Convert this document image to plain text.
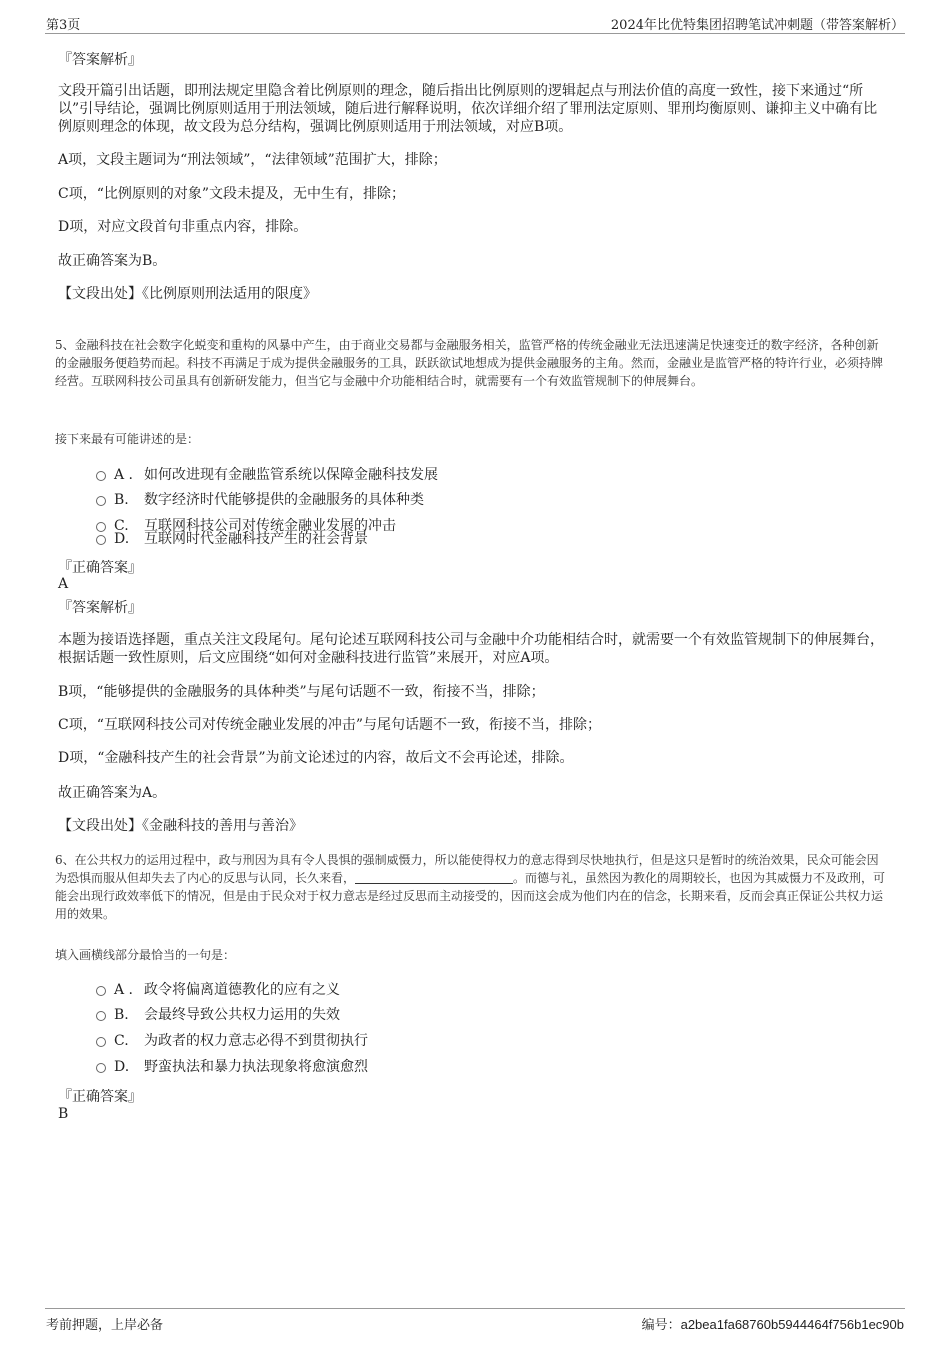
第3页	2024年比优特集团招聘笔试冲刺题（带答案解析）
『答案解析』
文段开篇引出话题，即刑法规定里隐含着比例原则的理念，随后指出比例原则的逻辑起点与刑法价值的高度一致性，接下来通过“所以”引导结论，强调比例原则适用于刑法领域，随后进行解释说明，依次详细介绍了罪刑法定原则、罪刑均衡原则、谦抑主义中确有比例原则理念的体现，故文段为总分结构，强调比例原则适用于刑法领域，对应B项。
A项，文段主题词为“刑法领域”，“法律领域”范围扩大，排除；
C项，“比例原则的对象”文段未提及，无中生有，排除；
D项，对应文段首句非重点内容，排除。
故正确答案为B。
【文段出处】《比例原则刑法适用的限度》
5、金融科技在社会数字化蜕变和重构的风暴中产生，由于商业交易都与金融服务相关，监管严格的传统金融业无法迅速满足快速变迁的数字经济，各种创新的金融服务便趋势而起。科技不再满足于成为提供金融服务的工具，跃跃欲试地想成为提供金融服务的主角。然而，金融业是监管严格的特许行业，必须持牌经营。互联网科技公司虽具有创新研发能力，但当它与金融中介功能相结合时，就需要有一个有效监管规制下的伸展舞台。
接下来最有可能讲述的是：
A . 如何改进现有金融监管系统以保障金融科技发展
B. 数字经济时代能够提供的金融服务的具体种类
C. 互联网科技公司对传统金融业发展的冲击
D. 互联网时代金融科技产生的社会背景
『正确答案』
A
『答案解析』
本题为接语选择题，重点关注文段尾句。尾句论述互联网科技公司与金融中介功能相结合时，就需要一个有效监管规制下的伸展舞台，根据话题一致性原则，后文应围绕“如何对金融科技进行监管”来展开，对应A项。
B项，“能够提供的金融服务的具体种类”与尾句话题不一致，衔接不当，排除；
C项，“互联网科技公司对传统金融业发展的冲击”与尾句话题不一致，衔接不当，排除；
D项，“金融科技产生的社会背景”为前文论述过的内容，故后文不会再论述，排除。
故正确答案为A。
【文段出处】《金融科技的善用与善治》
6、在公共权力的运用过程中，政与刑因为具有令人畏惧的强制威慑力，所以能使得权力的意志得到尽快地执行，但是这只是暂时的统治效果，民众可能会因为恐惧而服从但却失去了内心的反思与认同，长久来看，	。而德与礼，虽然因为教化的周期较长，也因为其威慑力不及政刑，可能会出现行政效率低下的情况，但是由于民众对于权力意志是经过反思而主动接受的，因而这会成为他们内在的信念，长期来看，反而会真正保证公共权力运用的效果。
填入画横线部分最恰当的一句是：
A . 政令将偏离道德教化的应有之义
B. 会最终导致公共权力运用的失效
C. 为政者的权力意志必得不到贯彻执行
D. 野蛮执法和暴力执法现象将愈演愈烈
『正确答案』
B
考前押题，上岸必备	编号：a2bea1fa68760b5944464f756b1ec90b
